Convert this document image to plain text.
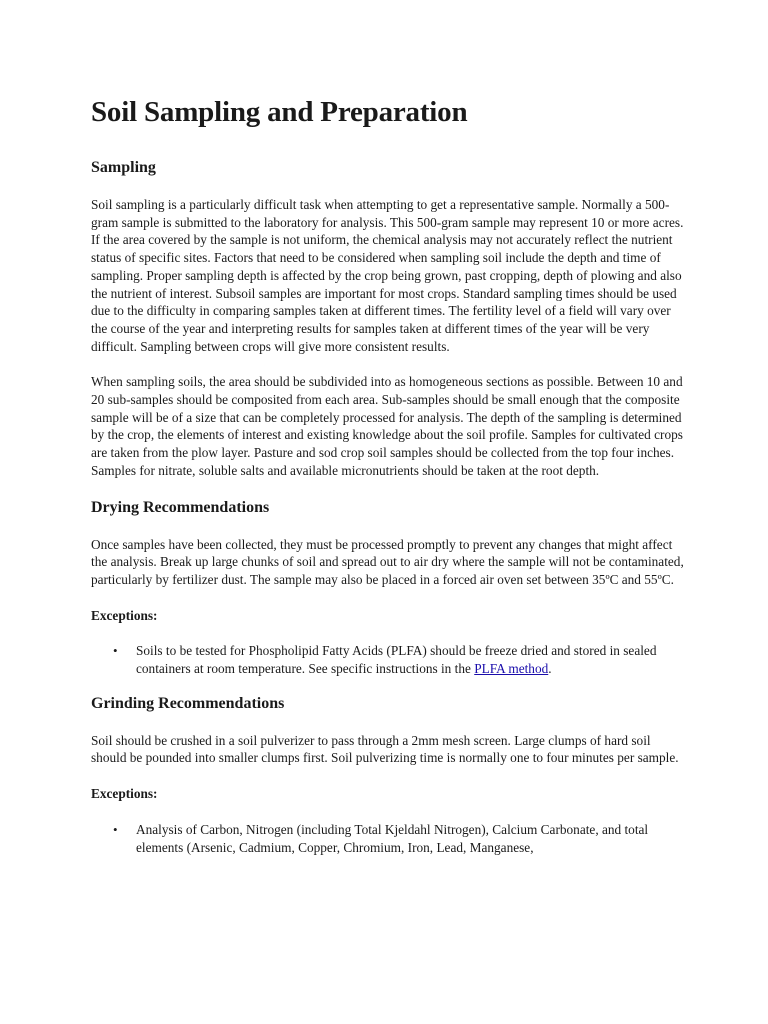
Soil Sampling and Preparation
Sampling

Soil sampling is a particularly difficult task when attempting to get a representative sample. Normally a 500-gram sample is submitted to the laboratory for analysis. This 500-gram sample may represent 10 or more acres. If the area covered by the sample is not uniform, the chemical analysis may not accurately reflect the nutrient status of specific sites. Factors that need to be considered when sampling soil include the depth and time of sampling. Proper sampling depth is affected by the crop being grown, past cropping, depth of plowing and also the nutrient of interest. Subsoil samples are important for most crops. Standard sampling times should be used due to the difficulty in comparing samples taken at different times. The fertility level of a field will vary over the course of the year and interpreting results for samples taken at different times of the year will be very difficult. Sampling between crops will give more consistent results.

When sampling soils, the area should be subdivided into as homogeneous sections as possible. Between 10 and 20 sub-samples should be composited from each area. Sub-samples should be small enough that the composite sample will be of a size that can be completely processed for analysis. The depth of the sampling is determined by the crop, the elements of interest and existing knowledge about the soil profile. Samples for cultivated crops are taken from the plow layer. Pasture and sod crop soil samples should be collected from the top four inches. Samples for nitrate, soluble salts and available micronutrients should be taken at the root depth.

Drying Recommendations

Once samples have been collected, they must be processed promptly to prevent any changes that might affect the analysis. Break up large chunks of soil and spread out to air dry where the sample will not be contaminated, particularly by fertilizer dust. The sample may also be placed in a forced air oven set between 35ºC and 55ºC.

Exceptions:
• Soils to be tested for Phospholipid Fatty Acids (PLFA) should be freeze dried and stored in sealed containers at room temperature. See specific instructions in the PLFA method.
Grinding Recommendations

Soil should be crushed in a soil pulverizer to pass through a 2mm mesh screen. Large clumps of hard soil should be pounded into smaller clumps first. Soil pulverizing time is normally one to four minutes per sample.

Exceptions:
• Analysis of Carbon, Nitrogen (including Total Kjeldahl Nitrogen), Calcium Carbonate, and total elements (Arsenic, Cadmium, Copper, Chromium, Iron, Lead, Manganese,
